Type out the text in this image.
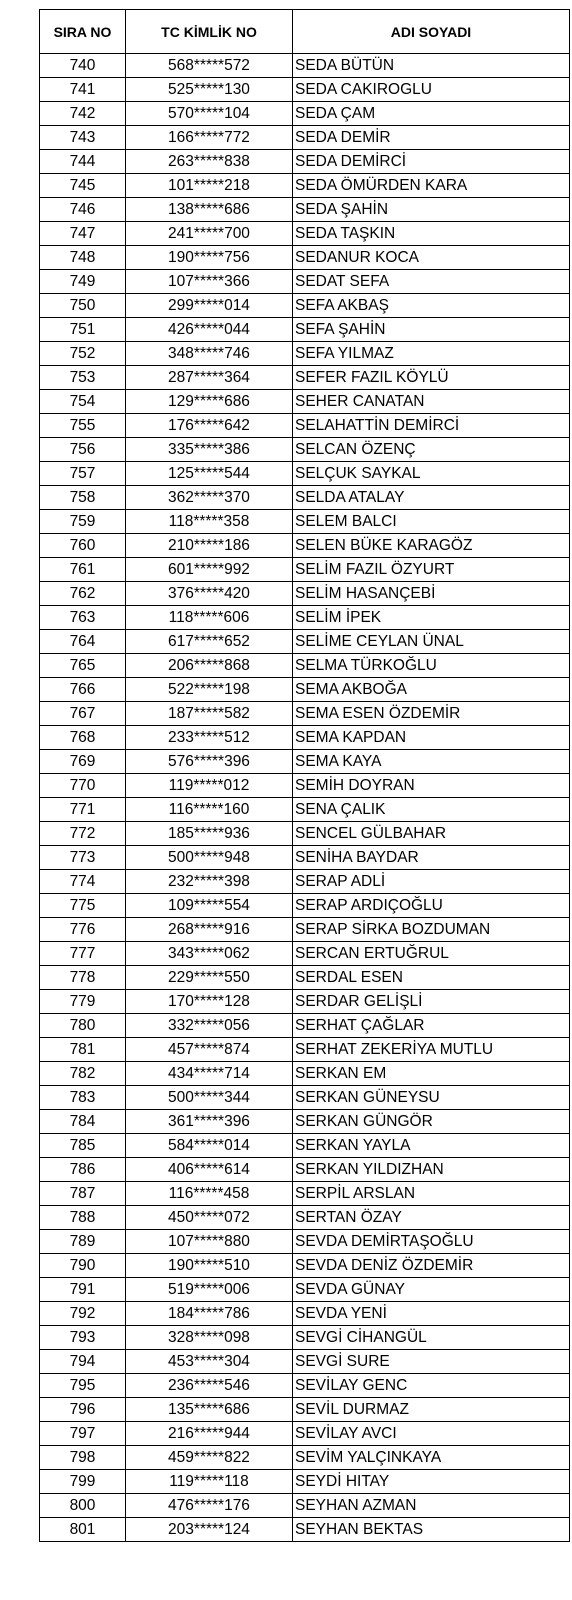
SIRA NO	TC KİMLİK NO	ADI SOYADI
740	568*****572	SEDA BÜTÜN
741	525*****130	SEDA CAKIROGLU
742	570*****104	SEDA ÇAM
743	166*****772	SEDA DEMİR
744	263*****838	SEDA DEMİRCİ
745	101*****218	SEDA ÖMÜRDEN KARA
746	138*****686	SEDA ŞAHİN
747	241*****700	SEDA TAŞKIN
748	190*****756	SEDANUR KOCA
749	107*****366	SEDAT SEFA
750	299*****014	SEFA AKBAŞ
751	426*****044	SEFA ŞAHİN
752	348*****746	SEFA YILMAZ
753	287*****364	SEFER FAZIL KÖYLÜ
754	129*****686	SEHER CANATAN
755	176*****642	SELAHATTİN DEMİRCİ
756	335*****386	SELCAN ÖZENÇ
757	125*****544	SELÇUK SAYKAL
758	362*****370	SELDA ATALAY
759	118*****358	SELEM BALCI
760	210*****186	SELEN BÜKE KARAGÖZ
761	601*****992	SELİM FAZIL ÖZYURT
762	376*****420	SELİM HASANÇEBİ
763	118*****606	SELİM İPEK
764	617*****652	SELİME CEYLAN ÜNAL
765	206*****868	SELMA TÜRKOĞLU
766	522*****198	SEMA AKBOĞA
767	187*****582	SEMA ESEN ÖZDEMİR
768	233*****512	SEMA KAPDAN
769	576*****396	SEMA KAYA
770	119*****012	SEMİH DOYRAN
771	116*****160	SENA ÇALIK
772	185*****936	SENCEL GÜLBAHAR
773	500*****948	SENİHA BAYDAR
774	232*****398	SERAP ADLİ
775	109*****554	SERAP ARDIÇOĞLU
776	268*****916	SERAP SİRKA BOZDUMAN
777	343*****062	SERCAN ERTUĞRUL
778	229*****550	SERDAL ESEN
779	170*****128	SERDAR GELİŞLİ
780	332*****056	SERHAT ÇAĞLAR
781	457*****874	SERHAT ZEKERİYA MUTLU
782	434*****714	SERKAN EM
783	500*****344	SERKAN GÜNEYSU
784	361*****396	SERKAN GÜNGÖR
785	584*****014	SERKAN YAYLA
786	406*****614	SERKAN YILDIZHAN
787	116*****458	SERPİL ARSLAN
788	450*****072	SERTAN ÖZAY
789	107*****880	SEVDA DEMİRTAŞOĞLU
790	190*****510	SEVDA DENİZ ÖZDEMİR
791	519*****006	SEVDA GÜNAY
792	184*****786	SEVDA YENİ
793	328*****098	SEVGİ CİHANGÜL
794	453*****304	SEVGİ SURE
795	236*****546	SEVİLAY GENC
796	135*****686	SEVİL DURMAZ
797	216*****944	SEVİLAY AVCI
798	459*****822	SEVİM YALÇINKAYA
799	119*****118	SEYDİ HITAY
800	476*****176	SEYHAN AZMAN
801	203*****124	SEYHAN BEKTAS
